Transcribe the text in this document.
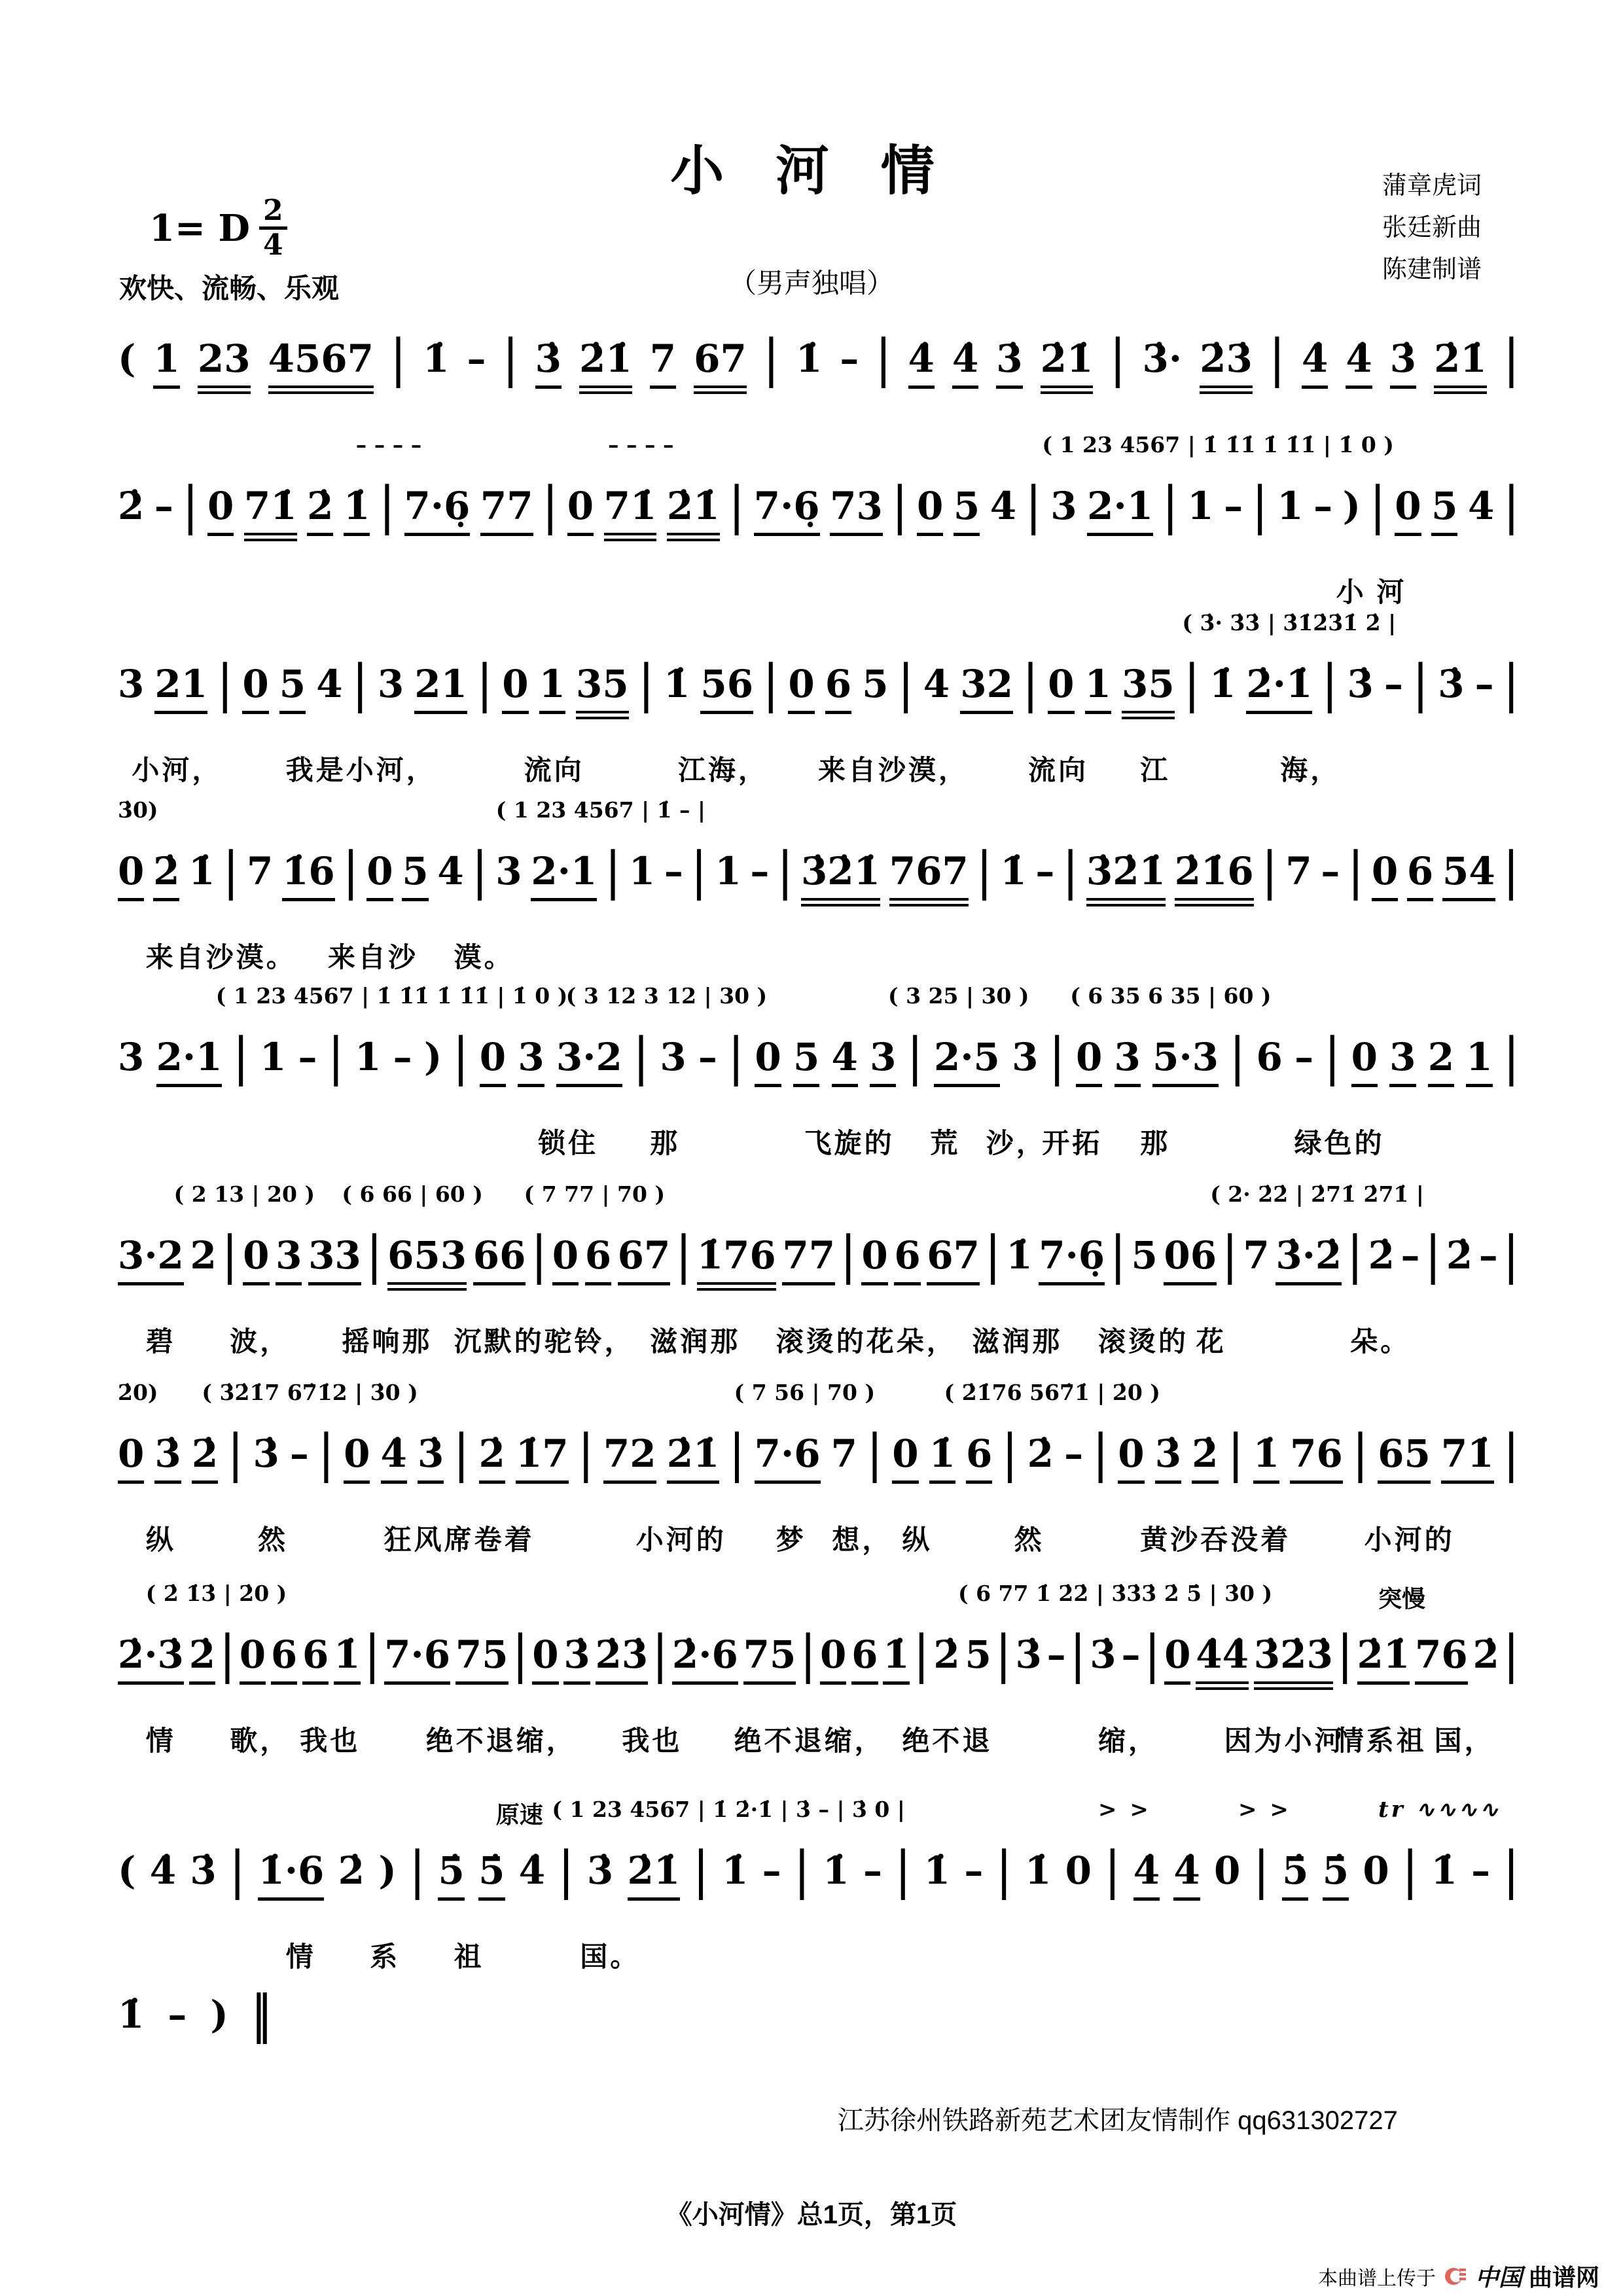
小 河 情	蒲章虎词
张廷新曲
陈建制谱
1= D $\frac{2}{4}$
欢快、流畅、乐观	（男声独唱）
( 1 23 4567 | 1̇ – | 3̇ 2̇1̇ 7 67 | 1̇ – | 4̇ 4̇ 3̇ 2̇1̇ | 3̇· 2̇3̇ | 4̇ 4̇ 3̇ 2̇1̇ |
– – – –	– – – –	( 1 23 4567 | 1̇ 1̇1̇ 1̇ 1̇1̇ | 1̇ 0 )
2̇ – | 0 71̇ 2̇ 1̇ | 7·6̣ 77 | 0 71̇ 2̇1̇ | 7·6̣ 73 | 0 5 4 | 3 2·1 | 1 – | 1 – ) | 0 5 4 |
小 河
( 3̇· 3̇3̇ | 3̇1̇2̇3̇1̇ 2̇ |
3 21 | 0 5 4 | 3 21 | 0 1 35 | 1̇ 56 | 0 6 5 | 4 32 | 0 1 35 | 1̇ 2̇·1̇ | 3̇ – | 3̇ – |
小河， 我是小河，	流向	江海， 来自沙漠， 流向 江	海，
3̇0)	( 1 23 4567 | 1̇ – |
0 2̇ 1̇ | 7 1̇6 | 0 5 4 | 3 2·1 | 1 – | 1 – | 3̇2̇1̇ 767 | 1̇ – | 3̇2̇1̇ 2̇1̇6 | 7 – | 0 6 54 |
来自沙漠。 来自沙 漠。
( 1 23 4567 | 1̇ 1̇1̇ 1̇ 1̇1̇ | 1̇ 0 )
( 3 12 3 12 | 30 )	( 3 25 | 30 ) ( 6 35 6 35 | 60 )
3 2·1 | 1 – | 1 – ) | 0 3 3·2 | 3 – | 0 5 4 3 | 2·5 3 | 0 3 5·3 | 6 – | 0 3 2 1 |
锁住 那	飞旋的 荒 沙，
开拓 那	绿色的
( 2 13 | 20 ) ( 6 66 | 60 ) ( 7 77 | 70 )	( 2· 2̇2̇ | 2̇71̇ 2̇71̇ |
3·2 2 | 0 3 33 | 653 66 | 0 6 67 | 1̇76 77 | 0 6 67 | 1̇ 7·6̣ | 5 06 | 7 3̇·2̇ | 2̇ – | 2̇ – |
碧 波， 摇响那 沉默的驼铃， 滋润那 滚烫的花朵， 滋润那 滚烫的 花	朵。
2̇0) ( 3̇2̇1̇7 67̇1̇2 | 3̇0 )	( 7 56 | 70 )	( 2̇1̇76 567̇1̇ | 2̇0 )
0 3̇ 2̇ | 3̇ – | 0 4̇ 3̇ | 2̇ 1̇7 | 72 2̇1̇ | 7·6 7 | 0 1̇ 6 | 2̇ – | 0 3̇ 2̇ | 1̇ 76 | 65 71̇ |
纵	然	狂风席卷着	小河的 梦 想， 纵	然	黄沙吞没着	小河的
( 2̇ 1̇3̇ | 2̇0 )	( 6 77 1̇ 2̇2̇ | 3̇3̇3̇ 2̇ 5̇ | 3̇0 )	突慢
2̇·3̇ 2̇ | 0 6 6 1̇ | 7·6 75 | 0 3̇ 2̇3̇ | 2̇·6 75 | 0 6 1̇ | 2̇ 5 | 3̇ – | 3̇ – | 0 4̇4̇ 3̇2̇3̇ | 2̇1̇ 76 2̇ |
情 歌， 我也 绝不退缩， 我也 绝不退缩， 绝不退	缩， 因为小河
情系祖 国，
原速 ( 1 23 4567 | 1̇ 2̇·1̇ | 3̇ – | 3̇ 0 |	> >	> >	tr ∿∿∿∿
( 4̇ 3̇ | 1̇·6 2̇ ) | 5̇ 5̇ 4̇ | 3̇ 2̇1̇ | 1̇ – | 1̇ – | 1̇ – | 1̇ 0 | 4̇ 4̇ 0 | 5̇ 5̇ 0 | 1̇ – |
情 系 祖	国。
1̇ – ) ‖
江苏徐州铁路新苑艺术团友情制作 qq631302727
《小河情》总1页，第1页
本曲谱上传于 中国 曲谱网
